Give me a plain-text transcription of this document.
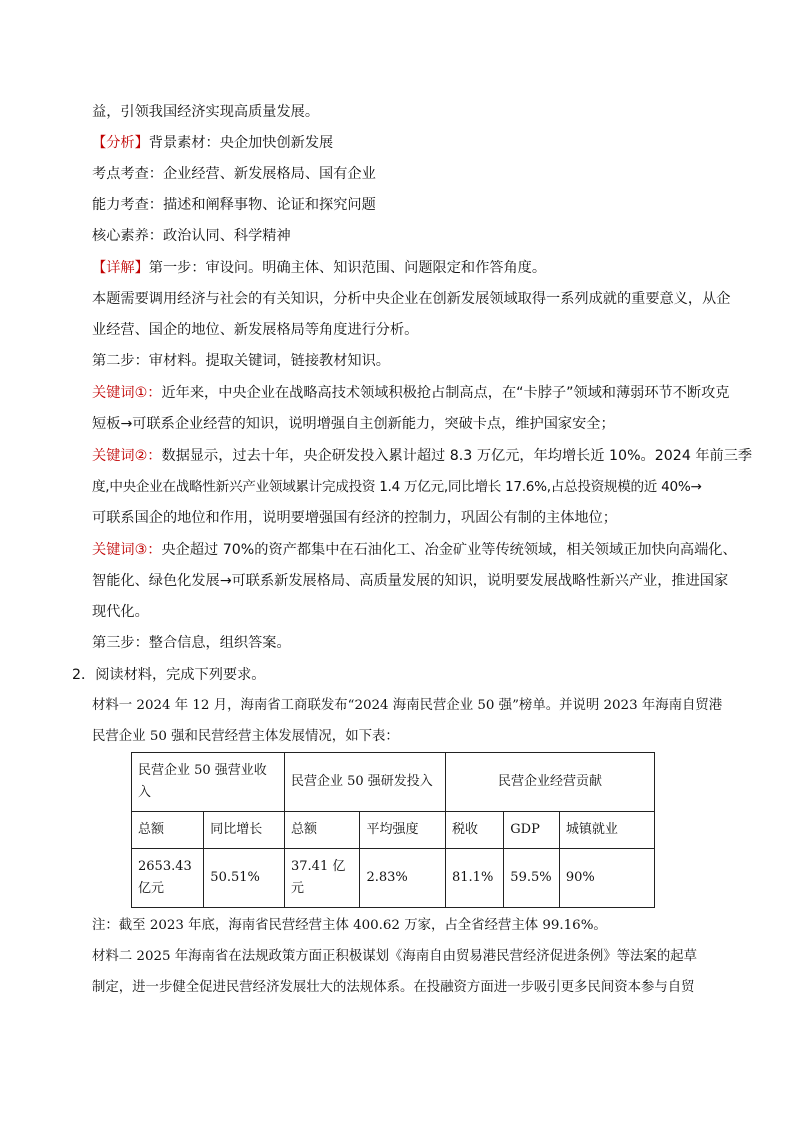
益，引领我国经济实现高质量发展。
【分析】背景素材：央企加快创新发展
考点考查：企业经营、新发展格局、国有企业
能力考查：描述和阐释事物、论证和探究问题
核心素养：政治认同、科学精神
【详解】第一步：审设问。明确主体、知识范围、问题限定和作答角度。
本题需要调用经济与社会的有关知识，分析中央企业在创新发展领域取得一系列成就的重要意义，从企
业经营、国企的地位、新发展格局等角度进行分析。
第二步：审材料。提取关键词，链接教材知识。
关键词①：近年来，中央企业在战略高技术领域积极抢占制高点，在“卡脖子”领域和薄弱环节不断攻克
短板→可联系企业经营的知识，说明增强自主创新能力，突破卡点，维护国家安全；
关键词②：数据显示，过去十年，央企研发投入累计超过 8.3 万亿元，年均增长近 10%。2024 年前三季
度,中央企业在战略性新兴产业领域累计完成投资 1.4 万亿元,同比增长 17.6%,占总投资规模的近 40%→
可联系国企的地位和作用，说明要增强国有经济的控制力，巩固公有制的主体地位；
关键词③：央企超过 70%的资产都集中在石油化工、冶金矿业等传统领域，相关领域正加快向高端化、
智能化、绿色化发展→可联系新发展格局、高质量发展的知识，说明要发展战略性新兴产业，推进国家
现代化。
第三步：整合信息，组织答案。
2．阅读材料，完成下列要求。
材料一 2024 年 12 月，海南省工商联发布“2024 海南民营企业 50 强”榜单。并说明 2023 年海南自贸港
民营企业 50 强和民营经营主体发展情况，如下表：
民营企业 50 强营业收入		民营企业 50 强研发投入		民营企业经营贡献		
总额	同比增长	总额	平均强度	税收	GDP	城镇就业
2653.43 亿元	50.51%	37.41 亿元	2.83%	81.1%	59.5%	90%
注：截至 2023 年底，海南省民营经营主体 400.62 万家，占全省经营主体 99.16%。
材料二 2025 年海南省在法规政策方面正积极谋划《海南自由贸易港民营经济促进条例》等法案的起草
制定，进一步健全促进民营经济发展壮大的法规体系。在投融资方面进一步吸引更多民间资本参与自贸
